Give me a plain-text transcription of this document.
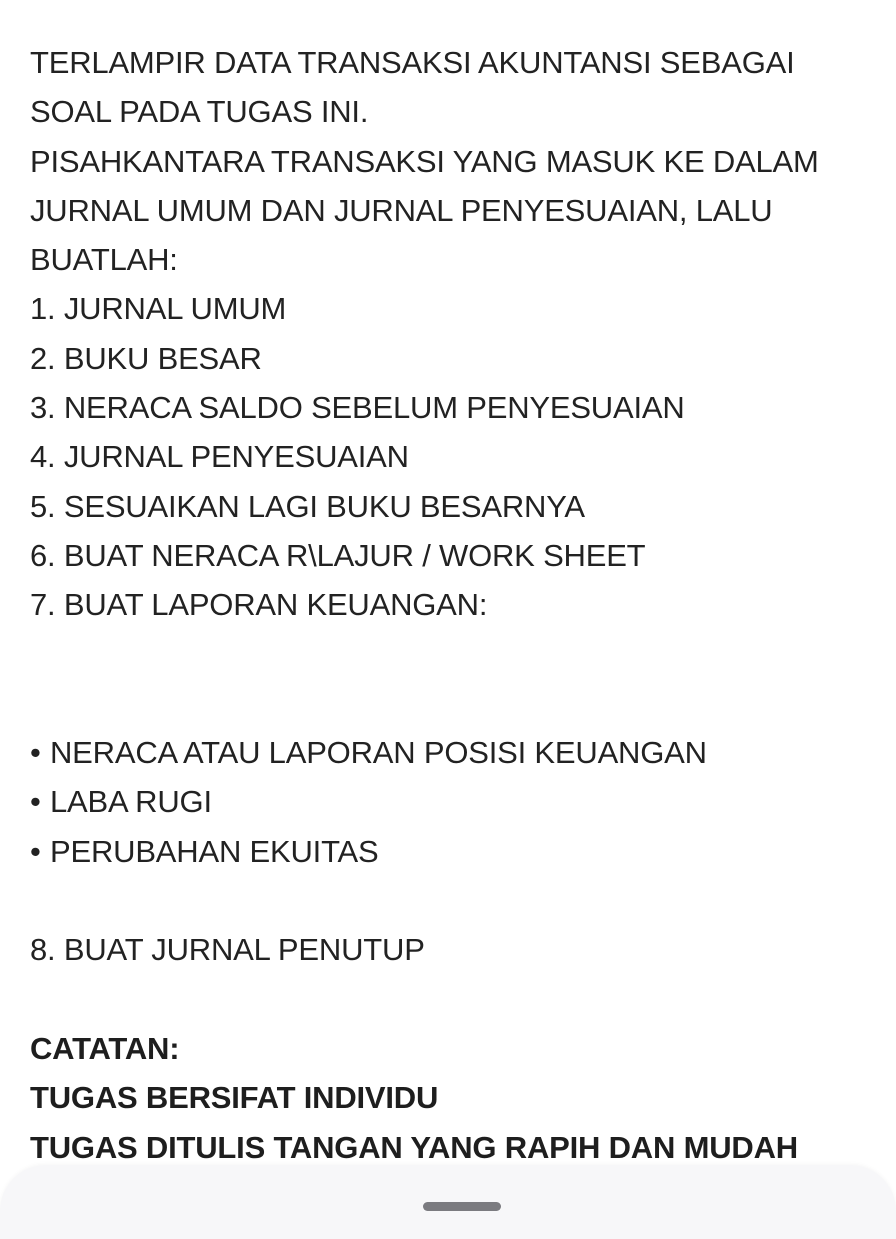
TERLAMPIR DATA TRANSAKSI AKUNTANSI SEBAGAI
SOAL PADA TUGAS INI.
PISAHKANTARA TRANSAKSI YANG MASUK KE DALAM
JURNAL UMUM DAN JURNAL PENYESUAIAN, LALU
BUATLAH:
1. JURNAL UMUM
2. BUKU BESAR
3. NERACA SALDO SEBELUM PENYESUAIAN
4. JURNAL PENYESUAIAN
5. SESUAIKAN LAGI BUKU BESARNYA
6. BUAT NERACA R\LAJUR / WORK SHEET
7. BUAT LAPORAN KEUANGAN:
• NERACA ATAU LAPORAN POSISI KEUANGAN
• LABA RUGI
• PERUBAHAN EKUITAS
8. BUAT JURNAL PENUTUP
CATATAN:
TUGAS BERSIFAT INDIVIDU
TUGAS DITULIS TANGAN YANG RAPIH DAN MUDAH
